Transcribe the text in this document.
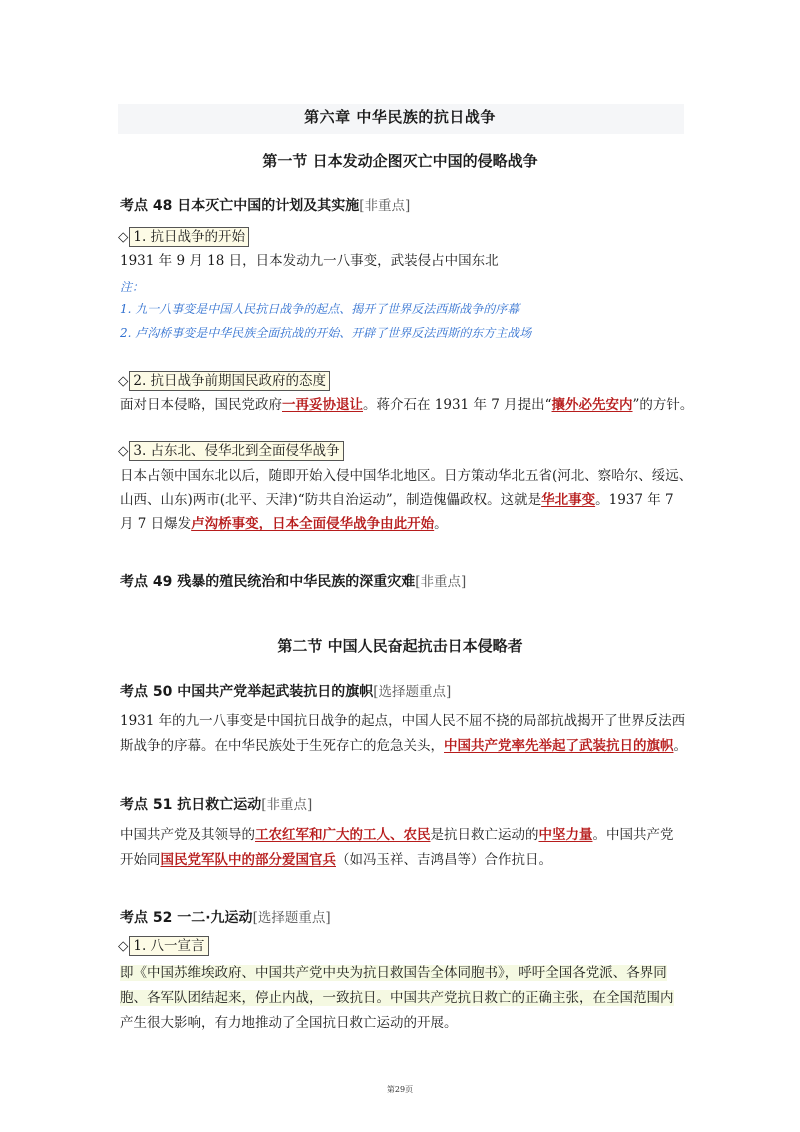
第六章 中华民族的抗日战争
第一节 日本发动企图灭亡中国的侵略战争
考点 48 日本灭亡中国的计划及其实施[非重点]
◇ 1. 抗日战争的开始
1931 年 9 月 18 日，日本发动九一八事变，武装侵占中国东北
注：
1. 九一八事变是中国人民抗日战争的起点、揭开了世界反法西斯战争的序幕
2. 卢沟桥事变是中华民族全面抗战的开始、开辟了世界反法西斯的东方主战场
◇ 2. 抗日战争前期国民政府的态度
面对日本侵略，国民党政府一再妥协退让。蒋介石在 1931 年 7 月提出“攘外必先安内”的方针。
◇ 3. 占东北、侵华北到全面侵华战争
日本占领中国东北以后，随即开始入侵中国华北地区。日方策动华北五省(河北、察哈尔、绥远、
山西、山东)两市(北平、天津)“防共自治运动”，制造傀儡政权。这就是华北事变。1937 年 7
月 7 日爆发卢沟桥事变，日本全面侵华战争由此开始。
考点 49 残暴的殖民统治和中华民族的深重灾难[非重点]
第二节 中国人民奋起抗击日本侵略者
考点 50 中国共产党举起武装抗日的旗帜[选择题重点]
1931 年的九一八事变是中国抗日战争的起点，中国人民不屈不挠的局部抗战揭开了世界反法西
斯战争的序幕。在中华民族处于生死存亡的危急关头，中国共产党率先举起了武装抗日的旗帜。
考点 51 抗日救亡运动[非重点]
中国共产党及其领导的工农红军和广大的工人、农民是抗日救亡运动的中坚力量。中国共产党
开始同国民党军队中的部分爱国官兵（如冯玉祥、吉鸿昌等）合作抗日。
考点 52 一二·九运动[选择题重点]
◇ 1. 八一宣言
即《中国苏维埃政府、中国共产党中央为抗日救国告全体同胞书》，呼吁全国各党派、各界同
胞、各军队团结起来，停止内战，一致抗日。中国共产党抗日救亡的正确主张，在全国范围内
产生很大影响，有力地推动了全国抗日救亡运动的开展。
第29页
